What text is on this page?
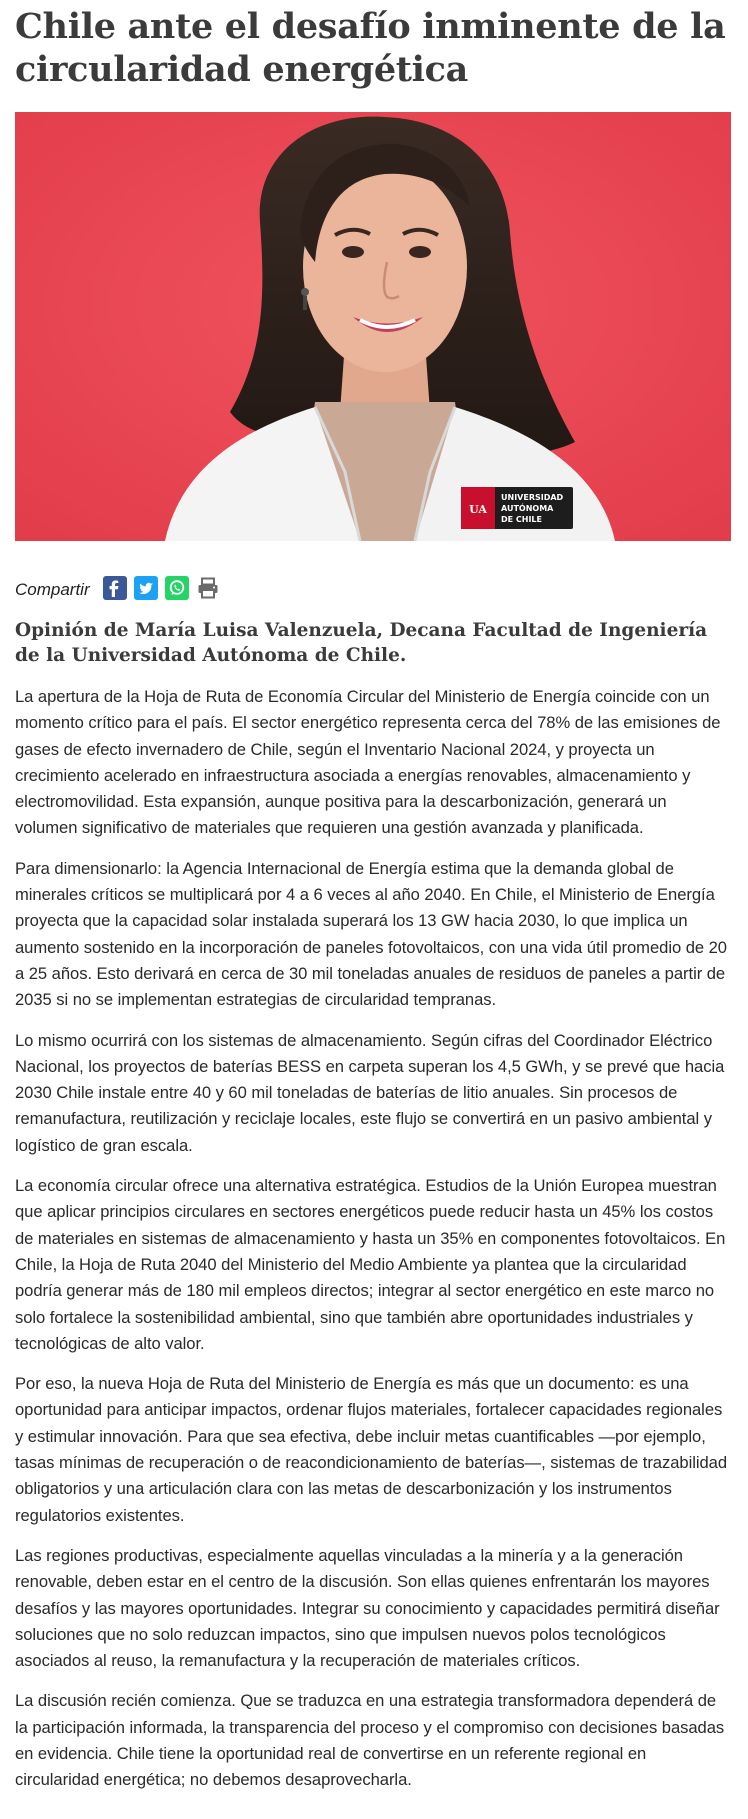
Chile ante el desafío inminente de la circularidad energética
UA
UNIVERSIDAD
AUTÓNOMA
DE CHILE
Compartir
Opinión de María Luisa Valenzuela, Decana Facultad de Ingeniería de la Universidad Autónoma de Chile.

La apertura de la Hoja de Ruta de Economía Circular del Ministerio de Energía coincide con un momento crítico para el país. El sector energético representa cerca del 78% de las emisiones de gases de efecto invernadero de Chile, según el Inventario Nacional 2024, y proyecta un crecimiento acelerado en infraestructura asociada a energías renovables, almacenamiento y electromovilidad. Esta expansión, aunque positiva para la descarbonización, generará un volumen significativo de materiales que requieren una gestión avanzada y planificada.

Para dimensionarlo: la Agencia Internacional de Energía estima que la demanda global de minerales críticos se multiplicará por 4 a 6 veces al año 2040. En Chile, el Ministerio de Energía proyecta que la capacidad solar instalada superará los 13 GW hacia 2030, lo que implica un aumento sostenido en la incorporación de paneles fotovoltaicos, con una vida útil promedio de 20 a 25 años. Esto derivará en cerca de 30 mil toneladas anuales de residuos de paneles a partir de 2035 si no se implementan estrategias de circularidad tempranas.

Lo mismo ocurrirá con los sistemas de almacenamiento. Según cifras del Coordinador Eléctrico Nacional, los proyectos de baterías BESS en carpeta superan los 4,5 GWh, y se prevé que hacia 2030 Chile instale entre 40 y 60 mil toneladas de baterías de litio anuales. Sin procesos de remanufactura, reutilización y reciclaje locales, este flujo se convertirá en un pasivo ambiental y logístico de gran escala.

La economía circular ofrece una alternativa estratégica. Estudios de la Unión Europea muestran que aplicar principios circulares en sectores energéticos puede reducir hasta un 45% los costos de materiales en sistemas de almacenamiento y hasta un 35% en componentes fotovoltaicos. En Chile, la Hoja de Ruta 2040 del Ministerio del Medio Ambiente ya plantea que la circularidad podría generar más de 180 mil empleos directos; integrar al sector energético en este marco no solo fortalece la sostenibilidad ambiental, sino que también abre oportunidades industriales y tecnológicas de alto valor.

Por eso, la nueva Hoja de Ruta del Ministerio de Energía es más que un documento: es una oportunidad para anticipar impactos, ordenar flujos materiales, fortalecer capacidades regionales y estimular innovación. Para que sea efectiva, debe incluir metas cuantificables —por ejemplo, tasas mínimas de recuperación o de reacondicionamiento de baterías—, sistemas de trazabilidad obligatorios y una articulación clara con las metas de descarbonización y los instrumentos regulatorios existentes.

Las regiones productivas, especialmente aquellas vinculadas a la minería y a la generación renovable, deben estar en el centro de la discusión. Son ellas quienes enfrentarán los mayores desafíos y las mayores oportunidades. Integrar su conocimiento y capacidades permitirá diseñar soluciones que no solo reduzcan impactos, sino que impulsen nuevos polos tecnológicos asociados al reuso, la remanufactura y la recuperación de materiales críticos.

La discusión recién comienza. Que se traduzca en una estrategia transformadora dependerá de la participación informada, la transparencia del proceso y el compromiso con decisiones basadas en evidencia. Chile tiene la oportunidad real de convertirse en un referente regional en circularidad energética; no debemos desaprovecharla.
